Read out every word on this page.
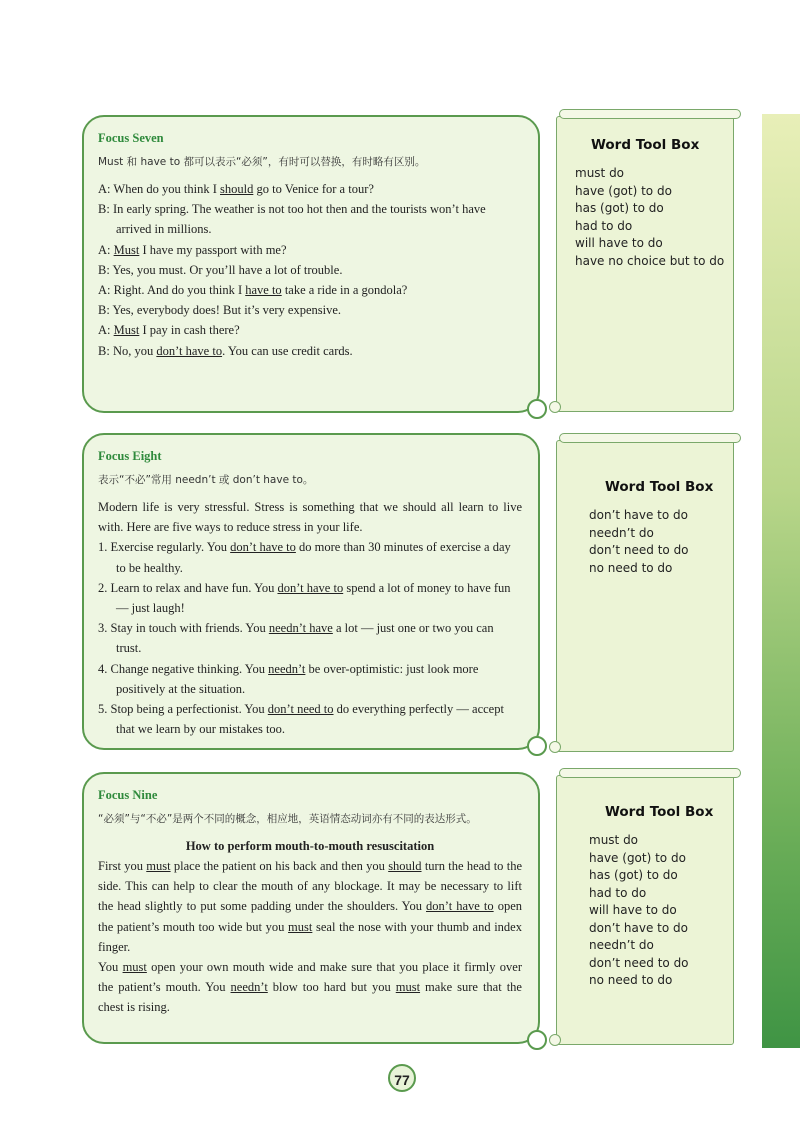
Focus Seven

Must 和 have to 都可以表示“必须”，有时可以替换，有时略有区别。

A: When do you think I should go to Venice for a tour?

B: In early spring. The weather is not too hot then and the tourists won’t have arrived in millions.

A: Must I have my passport with me?

B: Yes, you must. Or you’ll have a lot of trouble.

A: Right. And do you think I have to take a ride in a gondola?

B: Yes, everybody does! But it’s very expensive.

A: Must I pay in cash there?

B: No, you don’t have to. You can use credit cards.

Word Tool Box

must do

have (got) to do

has (got) to do

had to do

will have to do

have no choice but to do

Focus Eight

表示“不必”常用 needn’t 或 don’t have to。

Modern life is very stressful. Stress is something that we should all learn to live with. Here are five ways to reduce stress in your life.

1. Exercise regularly. You don’t have to do more than 30 minutes of exercise a day to be healthy.

2. Learn to relax and have fun. You don’t have to spend a lot of money to have fun — just laugh!

3. Stay in touch with friends. You needn’t have a lot — just one or two you can trust.

4. Change negative thinking. You needn’t be over-optimistic: just look more positively at the situation.

5. Stop being a perfectionist. You don’t need to do everything perfectly — accept that we learn by our mistakes too.

Word Tool Box

don’t have to do

needn’t do

don’t need to do

no need to do

Focus Nine

“必须”与“不必”是两个不同的概念，相应地，英语情态动词亦有不同的表达形式。

How to perform mouth-to-mouth resuscitation

First you must place the patient on his back and then you should turn the head to the side. This can help to clear the mouth of any blockage. It may be necessary to lift the head slightly to put some padding under the shoulders. You don’t have to open the patient’s mouth too wide but you must seal the nose with your thumb and index finger.

You must open your own mouth wide and make sure that you place it firmly over the patient’s mouth. You needn’t blow too hard but you must make sure that the chest is rising.

Word Tool Box

must do

have (got) to do

has (got) to do

had to do

will have to do

don’t have to do

needn’t do

don’t need to do

no need to do

77
